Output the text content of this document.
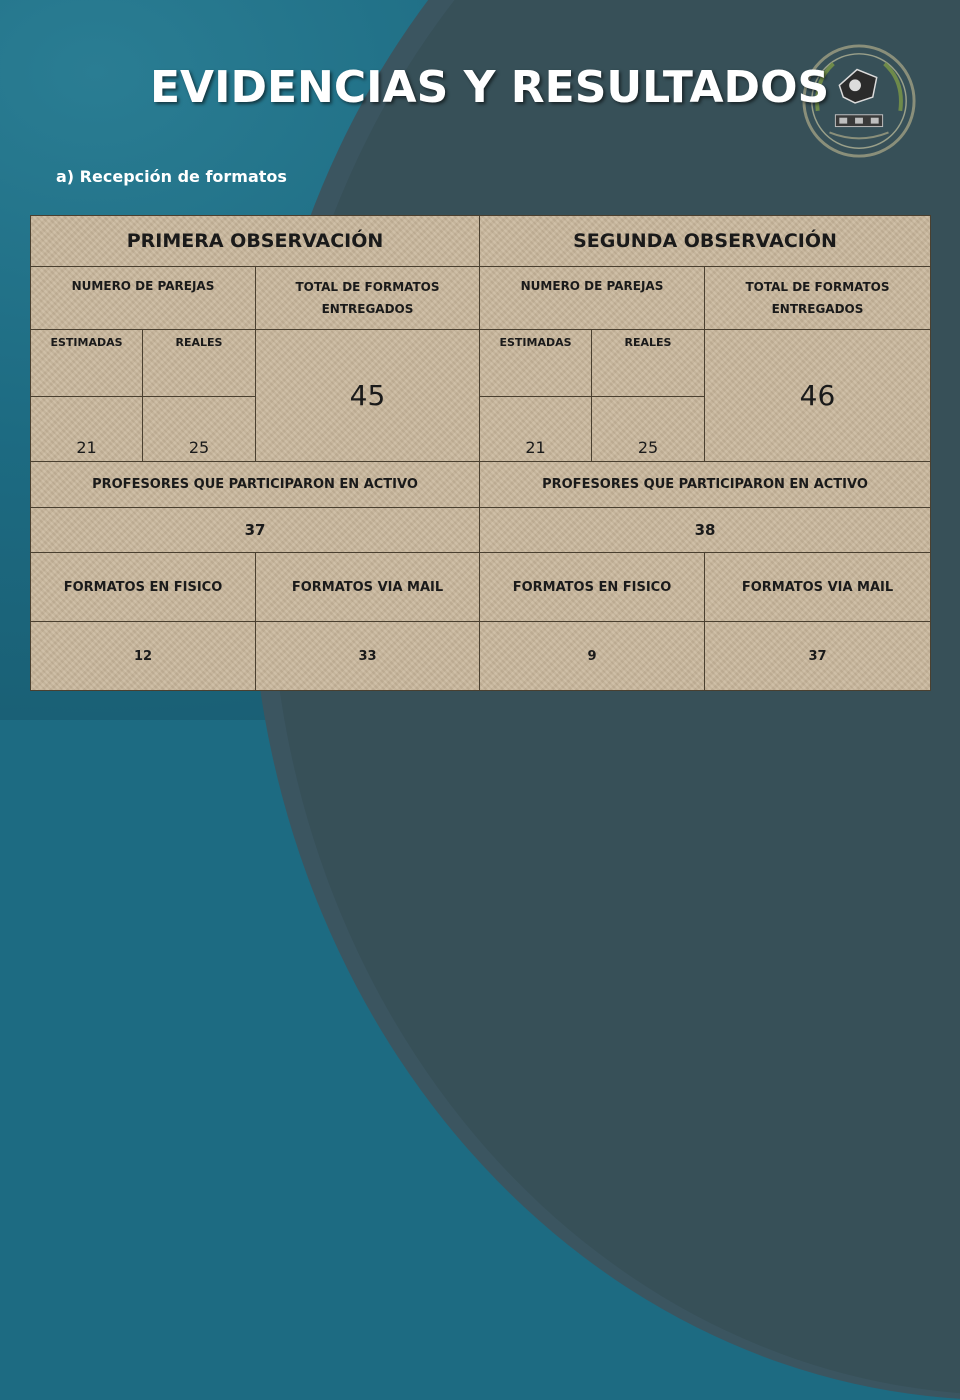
EVIDENCIAS Y RESULTADOS
a) Recepción de formatos
PRIMERA OBSERVACIÓN			SEGUNDA OBSERVACIÓN		
NUMERO DE PAREJAS		TOTAL DE FORMATOS ENTREGADOS	NUMERO DE PAREJAS		TOTAL DE FORMATOS ENTREGADOS
ESTIMADAS	REALES	45	ESTIMADAS	REALES	46
21	25		21	25	
PROFESORES QUE PARTICIPARON EN ACTIVO			PROFESORES QUE PARTICIPARON EN ACTIVO		
37			38		
FORMATOS EN FISICO		FORMATOS VIA MAIL	FORMATOS EN FISICO		FORMATOS VIA MAIL
12		33	9		37
